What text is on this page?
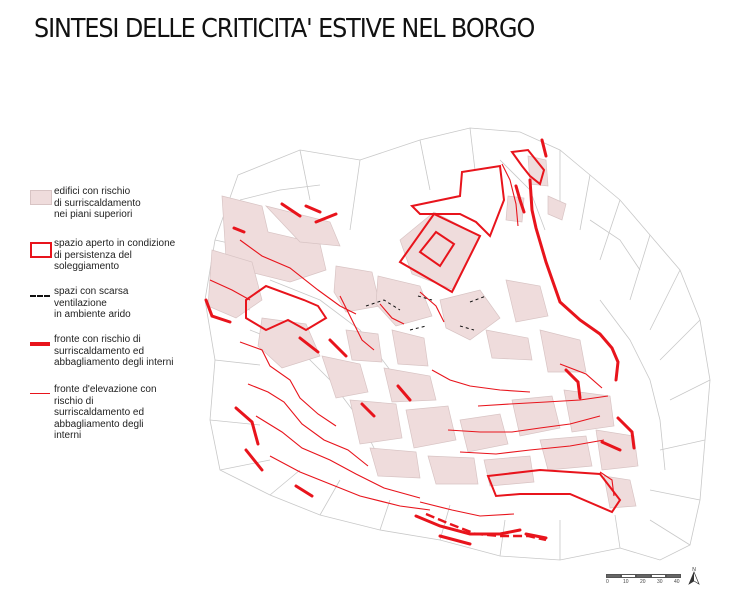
SINTESI DELLE CRITICITA' ESTIVE NEL BORGO
edifici con rischio
di surriscaldamento
nei piani superiori
spazio aperto in condizione
di persistenza del
soleggiamento
spazi con scarsa
ventilazione
in ambiente arido
fronte con rischio di
surriscaldamento ed
abbagliamento degli interni
fronte d'elevazione con
rischio di
surriscaldamento ed
abbagliamento degli
interni
0	10 20 30 40
N
